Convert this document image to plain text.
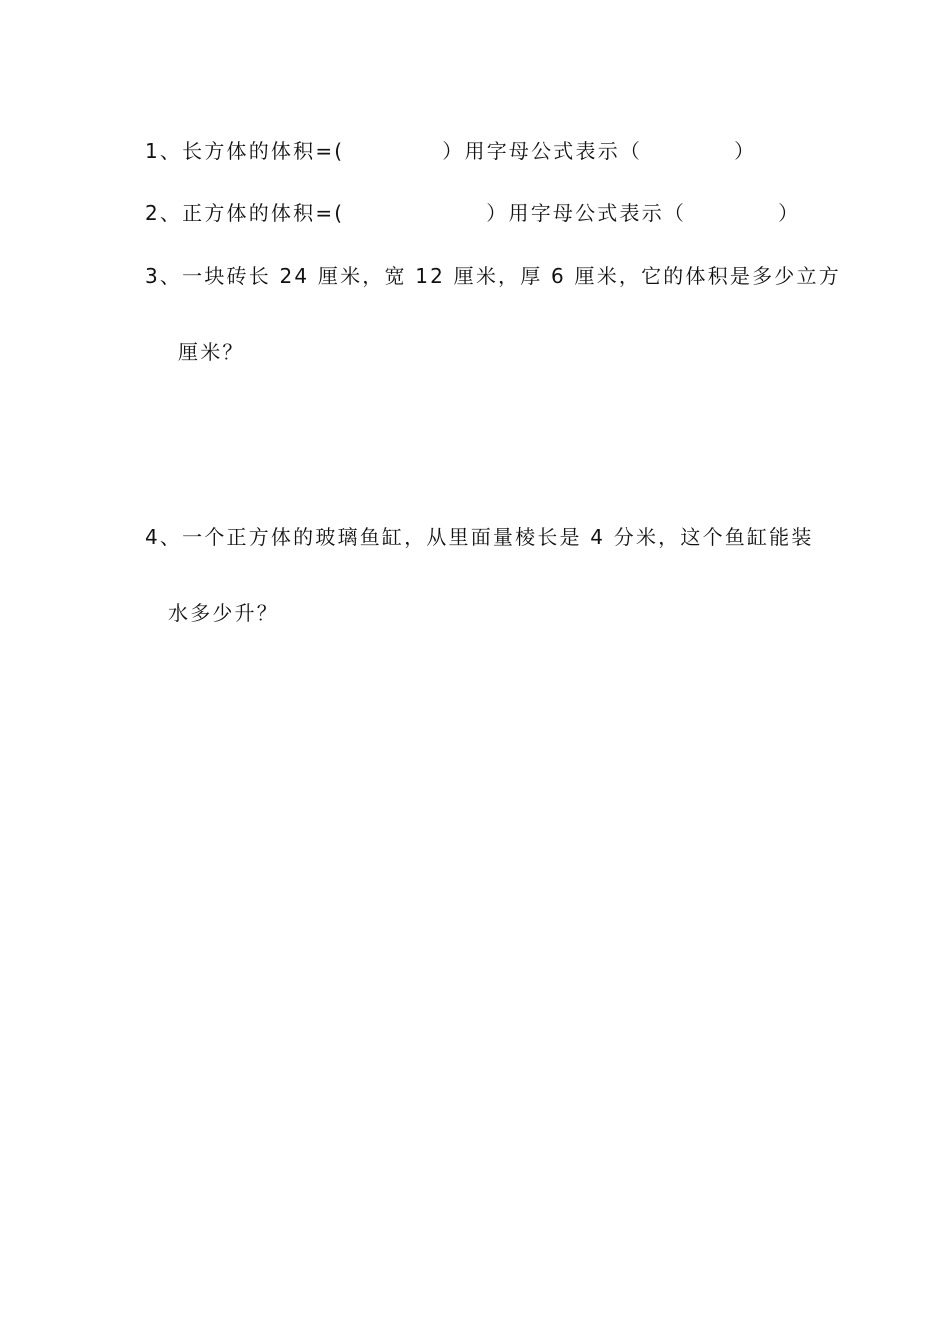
1、长方体的体积=(	）用字母公式表示（	）
2、正方体的体积=(	）用字母公式表示（	）
3、一块砖长 24 厘米，宽 12 厘米，厚 6 厘米，它的体积是多少立方
厘米？
4、一个正方体的玻璃鱼缸，从里面量棱长是 4 分米，这个鱼缸能装
水多少升？
